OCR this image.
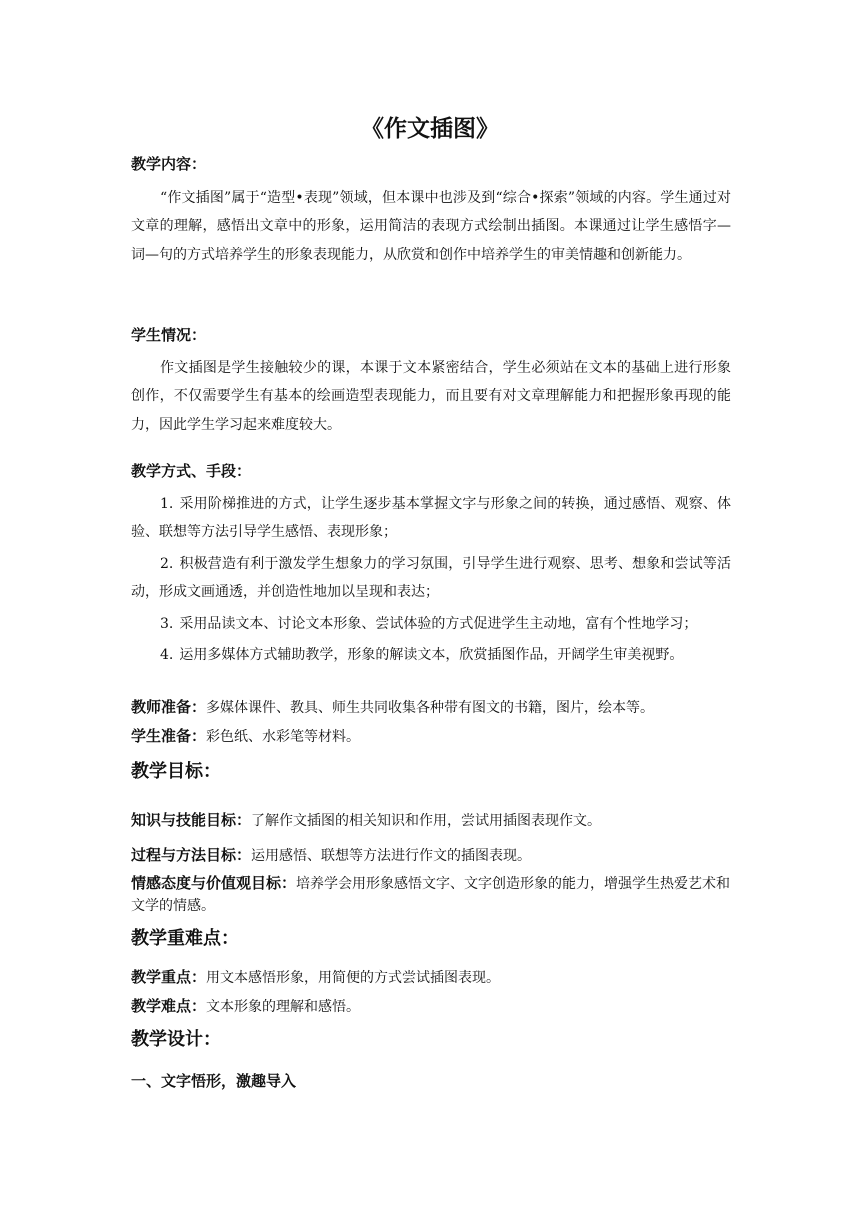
《作文插图》
教学内容：
“作文插图”属于“造型•表现”领域，但本课中也涉及到“综合•探索”领域的内容。学生通过对文章的理解，感悟出文章中的形象，运用简洁的表现方式绘制出插图。本课通过让学生感悟字—词—句的方式培养学生的形象表现能力，从欣赏和创作中培养学生的审美情趣和创新能力。
学生情况：
作文插图是学生接触较少的课，本课于文本紧密结合，学生必须站在文本的基础上进行形象创作，不仅需要学生有基本的绘画造型表现能力，而且要有对文章理解能力和把握形象再现的能力，因此学生学习起来难度较大。
教学方式、手段：
1. 采用阶梯推进的方式，让学生逐步基本掌握文字与形象之间的转换，通过感悟、观察、体验、联想等方法引导学生感悟、表现形象；
2. 积极营造有利于激发学生想象力的学习氛围，引导学生进行观察、思考、想象和尝试等活动，形成文画通透，并创造性地加以呈现和表达；
3. 采用品读文本、讨论文本形象、尝试体验的方式促进学生主动地，富有个性地学习；
4. 运用多媒体方式辅助教学，形象的解读文本，欣赏插图作品，开阔学生审美视野。
教师准备：多媒体课件、教具、师生共同收集各种带有图文的书籍，图片，绘本等。
学生准备：彩色纸、水彩笔等材料。
教学目标：
知识与技能目标：了解作文插图的相关知识和作用，尝试用插图表现作文。
过程与方法目标：运用感悟、联想等方法进行作文的插图表现。
情感态度与价值观目标：培养学会用形象感悟文字、文字创造形象的能力，增强学生热爱艺术和文学的情感。
教学重难点：
教学重点：用文本感悟形象，用简便的方式尝试插图表现。
教学难点：文本形象的理解和感悟。
教学设计：
一、文字悟形，激趣导入
